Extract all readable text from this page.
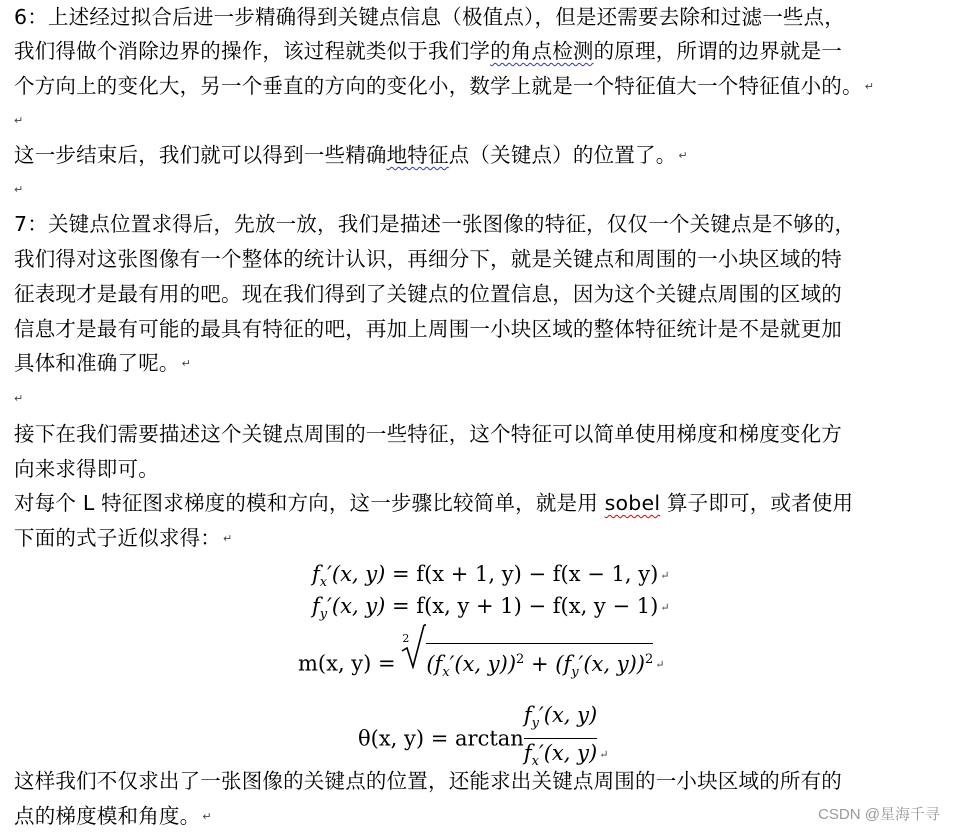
6：上述经过拟合后进一步精确得到关键点信息（极值点），但是还需要去除和过滤一些点，
我们得做个消除边界的操作，该过程就类似于我们学的角点检测的原理，所谓的边界就是一
个方向上的变化大，另一个垂直的方向的变化小，数学上就是一个特征值大一个特征值小的。 ↵
↵
这一步结束后，我们就可以得到一些精确地特征点（关键点）的位置了。 ↵
↵
7：关键点位置求得后，先放一放，我们是描述一张图像的特征，仅仅一个关键点是不够的，
我们得对这张图像有一个整体的统计认识，再细分下，就是关键点和周围的一小块区域的特
征表现才是最有用的吧。现在我们得到了关键点的位置信息，因为这个关键点周围的区域的
信息才是最有可能的最具有特征的吧，再加上周围一小块区域的整体特征统计是不是就更加
具体和准确了呢。 ↵
↵
接下在我们需要描述这个关键点周围的一些特征，这个特征可以简单使用梯度和梯度变化方
向来求得即可。
对每个 L 特征图求梯度的模和方向，这一步骤比较简单，就是用 sobel 算子即可，或者使用
下面的式子近似求得： ↵
这样我们不仅求出了一张图像的关键点的位置，还能求出关键点周围的一小块区域的所有的
点的梯度模和角度。 ↵
$f_x'(x$, y) = f(x + 1, y) − f(x − 1, y) ↵
$f_y'(x$, y) = f(x, y + 1) − f(x, y − 1) ↵
m(x, y) =
2
($f_x'(x$, $y))^2 + (f_y'(x$, y))$^2$ ↵
θ(x, $y) = \arctan \frac{f_y'(x, y)}{f_x'(x, y)} _↵$
CSDN @星海千寻
